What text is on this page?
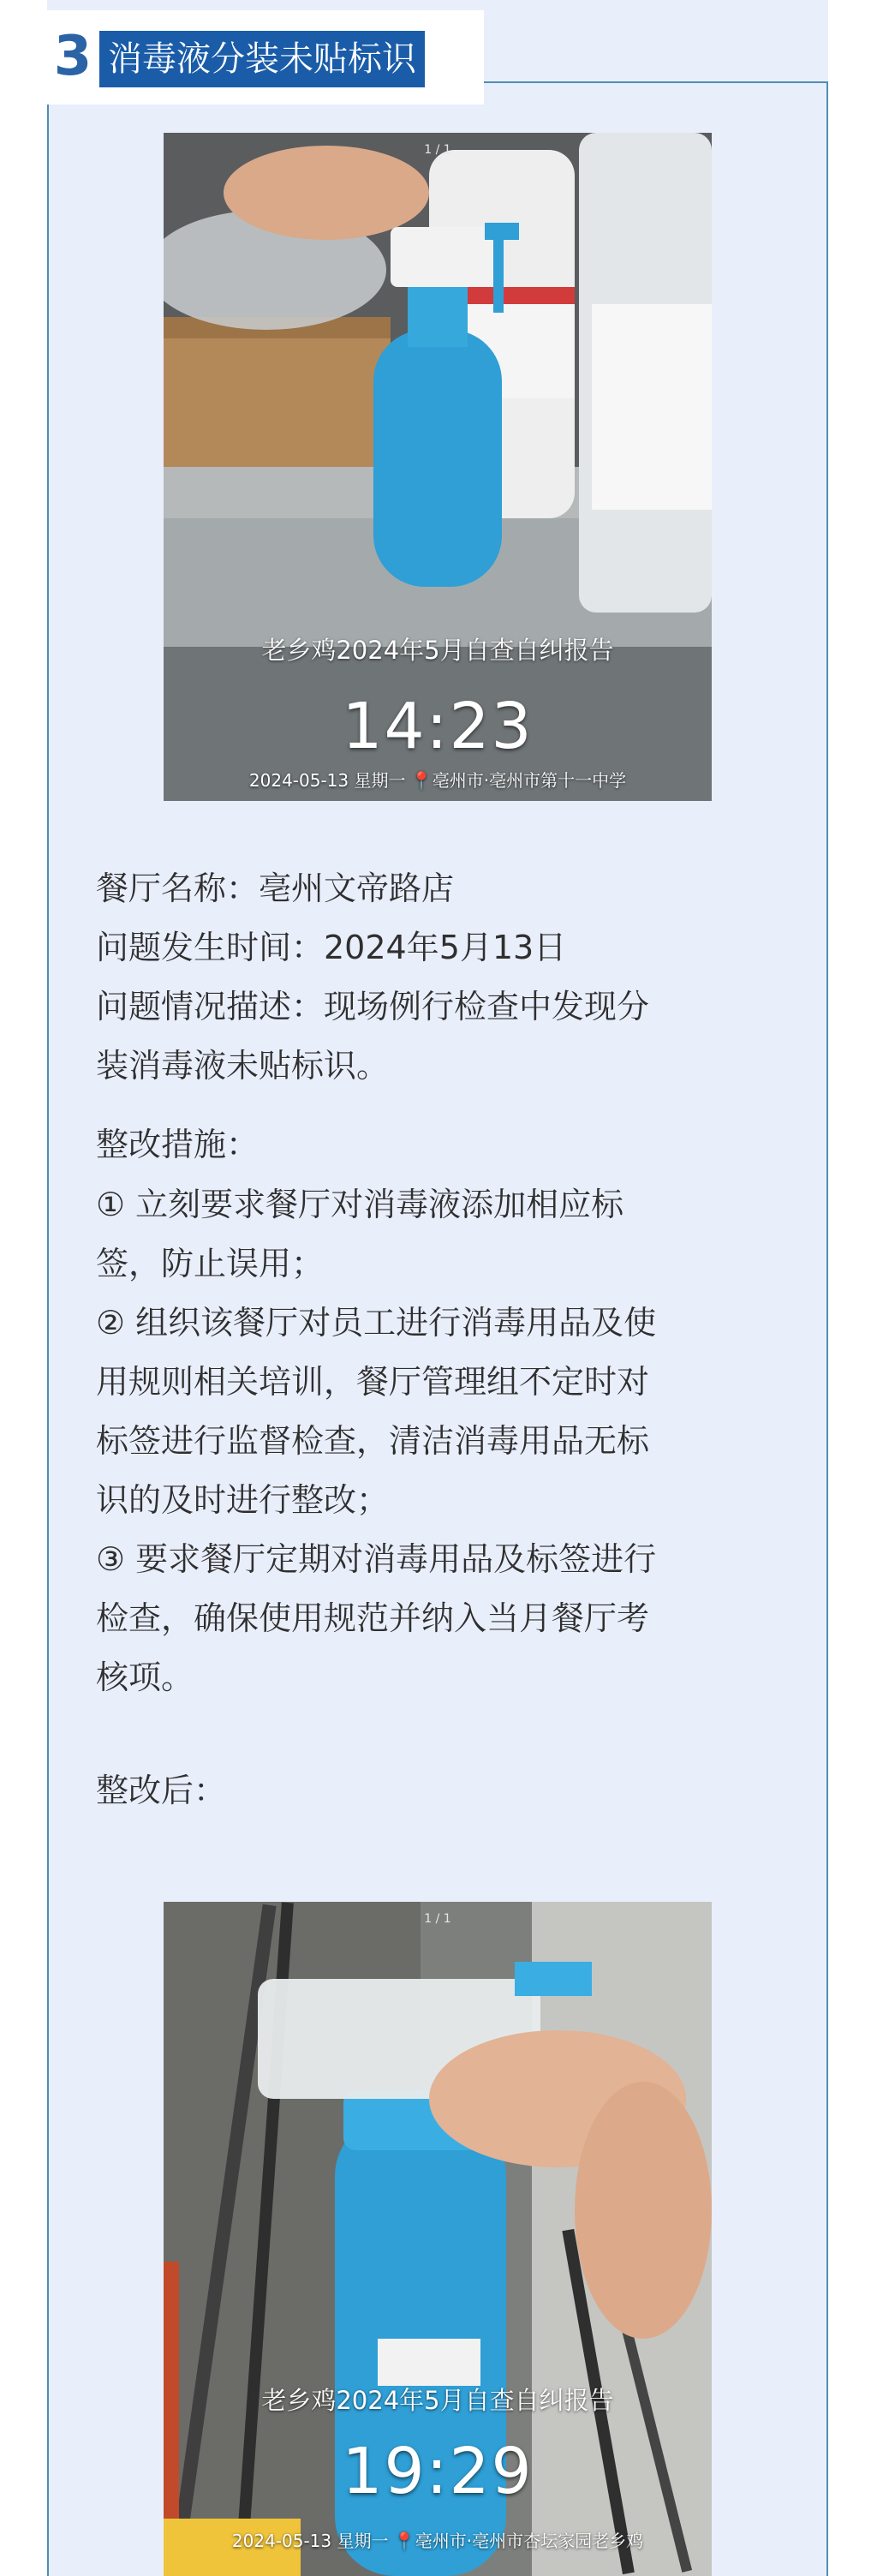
3 消毒液分装未贴标识
1 / 1
老乡鸡2024年5月自查自纠报告
14:23
2024-05-13 星期一 📍亳州市·亳州市第十一中学

餐厅名称：亳州文帝路店

问题发生时间：2024年5月13日

问题情况描述：现场例行检查中发现分

装消毒液未贴标识。

整改措施：

① 立刻要求餐厅对消毒液添加相应标

签，防止误用；

② 组织该餐厅对员工进行消毒用品及使

用规则相关培训，餐厅管理组不定时对

标签进行监督检查，清洁消毒用品无标

识的及时进行整改；

③ 要求餐厅定期对消毒用品及标签进行

检查，确保使用规范并纳入当月餐厅考

核项。

整改后：

1 / 1
老乡鸡2024年5月自查自纠报告
19:29
2024-05-13 星期一 📍亳州市·亳州市杏坛家园老乡鸡
